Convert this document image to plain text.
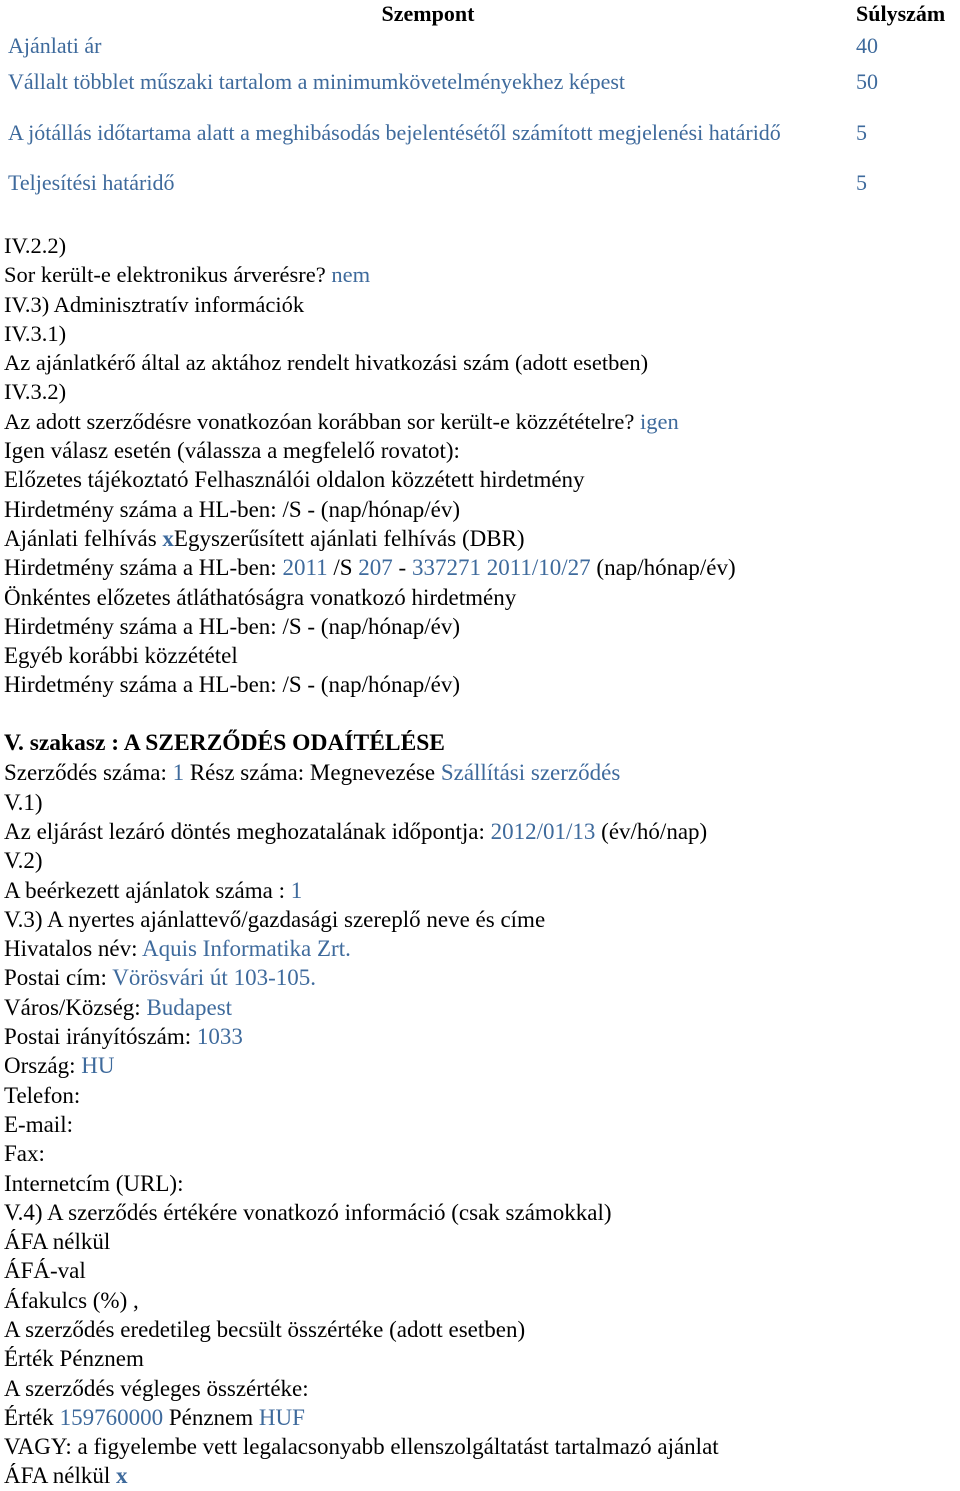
Szempont	Súlyszám
Ajánlati ár	40
Vállalt többlet műszaki tartalom a minimumkövetelményekhez képest	50
A jótállás időtartama alatt a meghibásodás bejelentésétől számított megjelenési határidő	5
Teljesítési határidő	5
IV.2.2)
Sor került-e elektronikus árverésre? nem
IV.3) Adminisztratív információk
IV.3.1)
Az ajánlatkérő által az aktához rendelt hivatkozási szám (adott esetben)
IV.3.2)
Az adott szerződésre vonatkozóan korábban sor került-e közzétételre? igen
Igen válasz esetén (válassza a megfelelő rovatot):
Előzetes tájékoztató Felhasználói oldalon közzétett hirdetmény
Hirdetmény száma a HL-ben: /S - (nap/hónap/év)
Ajánlati felhívás xEgyszerűsített ajánlati felhívás (DBR)
Hirdetmény száma a HL-ben: 2011 /S 207 - 337271 2011/10/27 (nap/hónap/év)
Önkéntes előzetes átláthatóságra vonatkozó hirdetmény
Hirdetmény száma a HL-ben: /S - (nap/hónap/év)
Egyéb korábbi közzététel
Hirdetmény száma a HL-ben: /S - (nap/hónap/év)
V. szakasz : A SZERZŐDÉS ODAÍTÉLÉSE
Szerződés száma: 1 Rész száma: Megnevezése Szállítási szerződés
V.1)
Az eljárást lezáró döntés meghozatalának időpontja: 2012/01/13 (év/hó/nap)
V.2)
A beérkezett ajánlatok száma : 1
V.3) A nyertes ajánlattevő/gazdasági szereplő neve és címe
Hivatalos név: Aquis Informatika Zrt.
Postai cím: Vörösvári út 103-105.
Város/Község: Budapest
Postai irányítószám: 1033
Ország: HU
Telefon:
E-mail:
Fax:
Internetcím (URL):
V.4) A szerződés értékére vonatkozó információ (csak számokkal)
ÁFA nélkül
ÁFÁ-val
Áfakulcs (%) ,
A szerződés eredetileg becsült összértéke (adott esetben)
Érték Pénznem
A szerződés végleges összértéke:
Érték 159760000 Pénznem HUF
VAGY: a figyelembe vett legalacsonyabb ellenszolgáltatást tartalmazó ajánlat
ÁFA nélkül x
